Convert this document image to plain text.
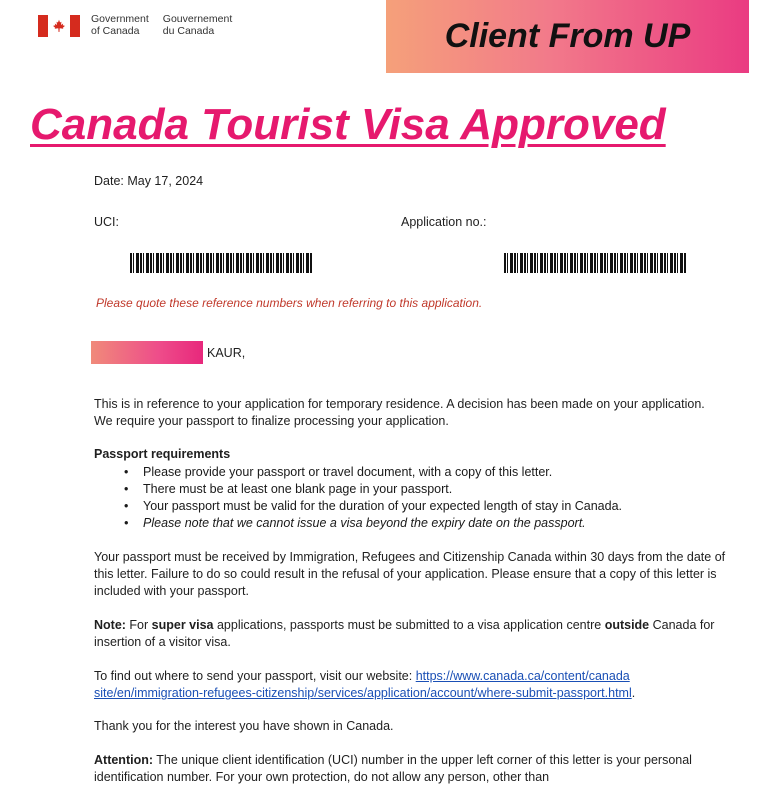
Government
of Canada
Gouvernement
du Canada	Client From UP
Canada Tourist Visa Approved
Date: May 17, 2024
UCI:	Application no.:
Please quote these reference numbers when referring to this application.
KAUR,
This is in reference to your application for temporary residence. A decision has been made on your application. We require your passport to finalize processing your application.
Passport requirements
• Please provide your passport or travel document, with a copy of this letter.
• There must be at least one blank page in your passport.
• Your passport must be valid for the duration of your expected length of stay in Canada.
• Please note that we cannot issue a visa beyond the expiry date on the passport.
Your passport must be received by Immigration, Refugees and Citizenship Canada within 30 days from the date of this letter. Failure to do so could result in the refusal of your application. Please ensure that a copy of this letter is included with your passport.
Note: For super visa applications, passports must be submitted to a visa application centre outside Canada for insertion of a visitor visa.
To find out where to send your passport, visit our website: https://www.canada.ca/content/canada site/en/immigration-refugees-citizenship/services/application/account/where-submit-passport.html.
Thank you for the interest you have shown in Canada.
Attention: The unique client identification (UCI) number in the upper left corner of this letter is your personal identification number. For your own protection, do not allow any person, other than
